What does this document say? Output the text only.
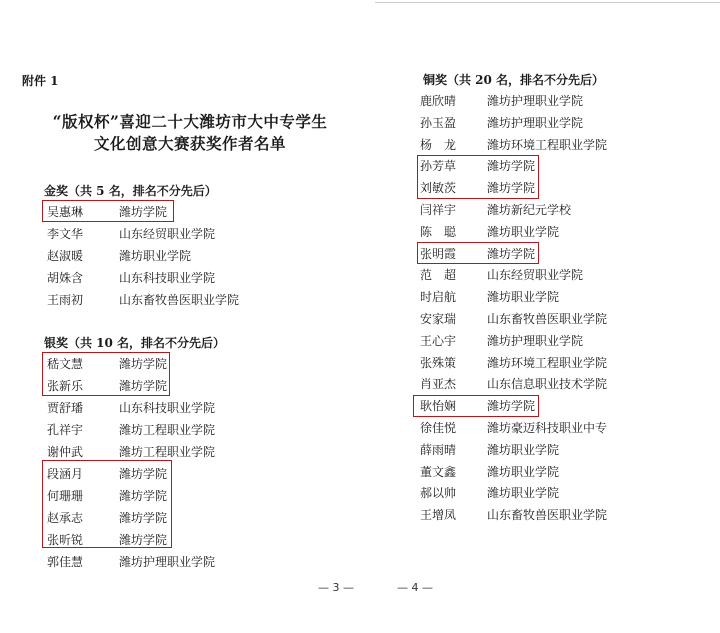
附件 1
“版权杯”喜迎二十大潍坊市大中专学生
文化创意大赛获奖作者名单
金奖（共 5 名，排名不分先后）
吴惠琳	潍坊学院
李文华	山东经贸职业学院
赵淑暖	潍坊职业学院
胡姝含	山东科技职业学院
王雨初	山东畜牧兽医职业学院
银奖（共 10 名，排名不分先后）
嵇文慧	潍坊学院
张新乐	潍坊学院
贾舒璠	山东科技职业学院
孔祥宇	潍坊工程职业学院
谢仲武	潍坊工程职业学院
段涵月	潍坊学院
何珊珊	潍坊学院
赵承志	潍坊学院
张昕锐	潍坊学院
郭佳慧	潍坊护理职业学院
— 3 —
铜奖（共 20 名，排名不分先后）
鹿欣晴	潍坊护理职业学院
孙玉盈	潍坊护理职业学院
杨　龙	潍坊环境工程职业学院
孙芳草	潍坊学院
刘敏茨	潍坊学院
闫祥宇	潍坊新纪元学校
陈　聪	潍坊职业学院
张明霞	潍坊学院
范　超	山东经贸职业学院
时启航	潍坊职业学院
安家瑞	山东畜牧兽医职业学院
王心宇	潍坊护理职业学院
张殊策	潍坊环境工程职业学院
肖亚杰	山东信息职业技术学院
耿怡娴	潍坊学院
徐佳悦	潍坊豪迈科技职业中专
薛雨晴	潍坊职业学院
董文鑫	潍坊职业学院
郝以帅	潍坊职业学院
王增凤	山东畜牧兽医职业学院
— 4 —
